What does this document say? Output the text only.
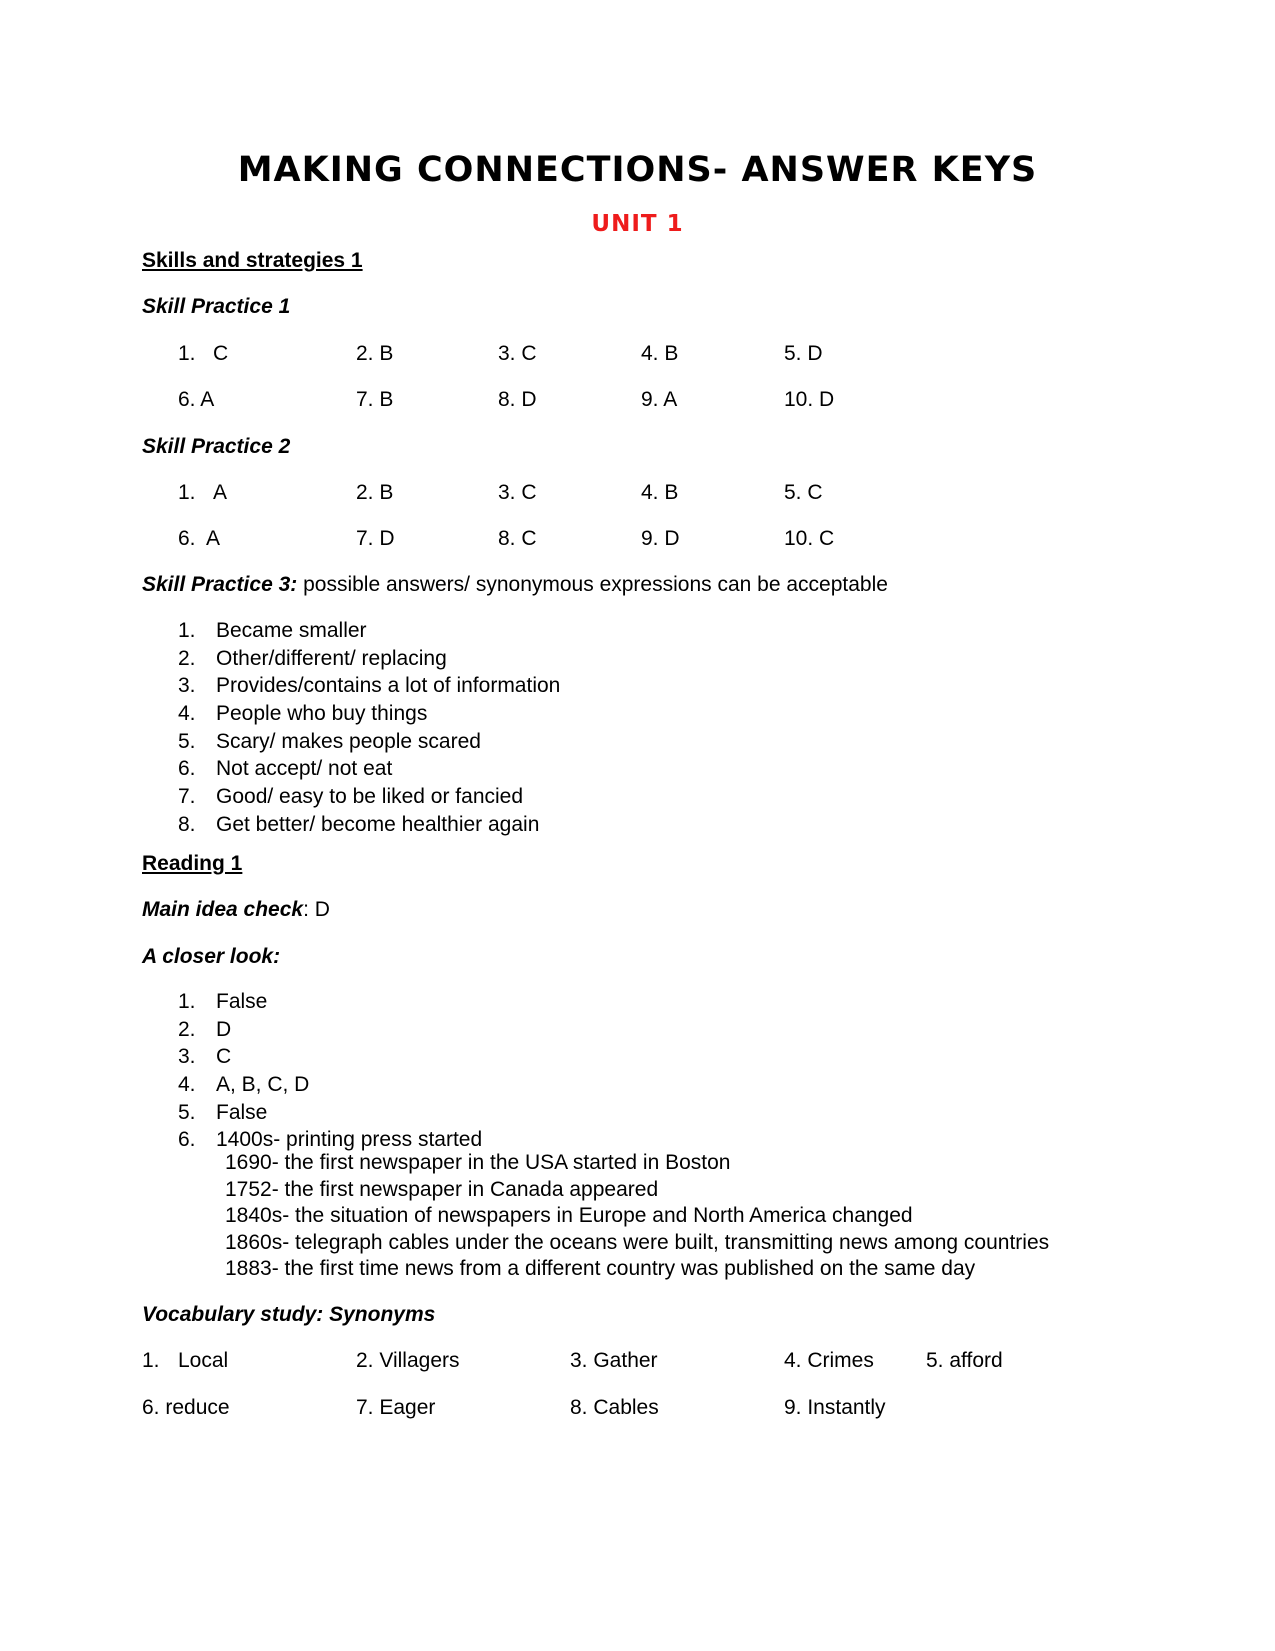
MAKING CONNECTIONS- ANSWER KEYS
UNIT 1
Skills and strategies 1
Skill Practice 1
1. C	2. B	3. C	4. B	5. D
6. A	7. B	8. D	9. A	10. D
Skill Practice 2
1. A	2. B	3. C	4. B	5. C
6.  A	7. D	8. C	9. D	10. C
Skill Practice 3: possible answers/ synonymous expressions can be acceptable
1. Became smaller
2. Other/different/ replacing
3. Provides/contains a lot of information
4. People who buy things
5. Scary/ makes people scared
6. Not accept/ not eat
7. Good/ easy to be liked or fancied
8. Get better/ become healthier again
Reading 1
Main idea check: D
A closer look:
1. False
2. D
3. C
4. A, B, C, D
5. False
6. 1400s- printing press started
1690- the first newspaper in the USA started in Boston
1752- the first newspaper in Canada appeared
1840s- the situation of newspapers in Europe and North America changed
1860s- telegraph cables under the oceans were built, transmitting news among countries
1883- the first time news from a different country was published on the same day
Vocabulary study: Synonyms
1. Local	2. Villagers	3. Gather	4. Crimes 5. afford
6. reduce	7. Eager	8. Cables	9. Instantly
